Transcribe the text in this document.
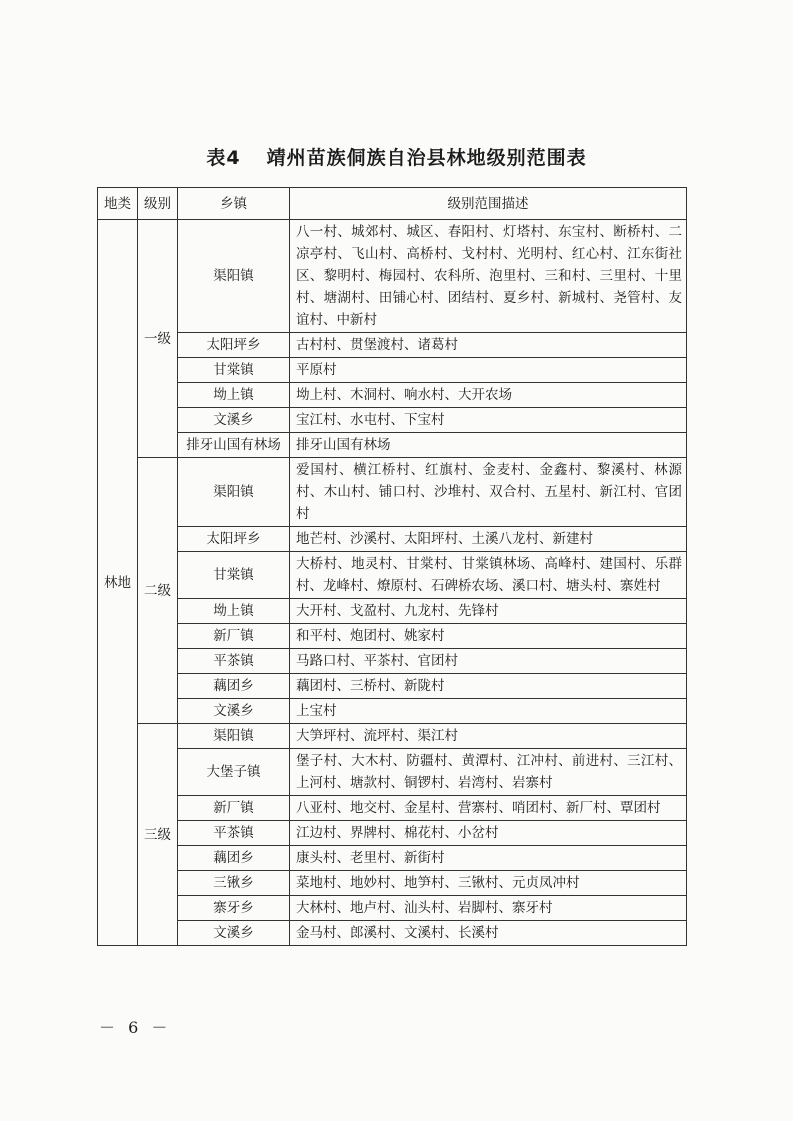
表4 靖州苗族侗族自治县林地级别范围表
地类	级别	乡镇	级别范围描述
林地	一级	渠阳镇	八一村、城郊村、城区、春阳村、灯塔村、东宝村、断桥村、二凉亭村、飞山村、高桥村、戈村村、光明村、红心村、江东街社区、黎明村、梅园村、农科所、泡里村、三和村、三里村、十里村、塘湖村、田铺心村、团结村、夏乡村、新城村、尧管村、友谊村、中新村
		太阳坪乡	古村村、贯堡渡村、诸葛村
		甘棠镇	平原村
		坳上镇	坳上村、木洞村、响水村、大开农场
		文溪乡	宝江村、水屯村、下宝村
		排牙山国有林场	排牙山国有林场
	二级	渠阳镇	爱国村、横江桥村、红旗村、金麦村、金鑫村、黎溪村、林源村、木山村、铺口村、沙堆村、双合村、五星村、新江村、官团村
		太阳坪乡	地芒村、沙溪村、太阳坪村、土溪八龙村、新建村
		甘棠镇	大桥村、地灵村、甘棠村、甘棠镇林场、高峰村、建国村、乐群村、龙峰村、燎原村、石碑桥农场、溪口村、塘头村、寨姓村
		坳上镇	大开村、戈盈村、九龙村、先锋村
		新厂镇	和平村、炮团村、姚家村
		平茶镇	马路口村、平茶村、官团村
		藕团乡	藕团村、三桥村、新陇村
		文溪乡	上宝村
	三级	渠阳镇	大笋坪村、流坪村、渠江村
		大堡子镇	堡子村、大木村、防疆村、黄潭村、江冲村、前进村、三江村、上河村、塘款村、铜锣村、岩湾村、岩寨村
		新厂镇	八亚村、地交村、金星村、营寨村、哨团村、新厂村、覃团村
		平茶镇	江边村、界牌村、棉花村、小岔村
		藕团乡	康头村、老里村、新街村
		三锹乡	菜地村、地妙村、地笋村、三锹村、元贞凤冲村
		寨牙乡	大林村、地卢村、汕头村、岩脚村、寨牙村
		文溪乡	金马村、郎溪村、文溪村、长溪村
－ 6 －
